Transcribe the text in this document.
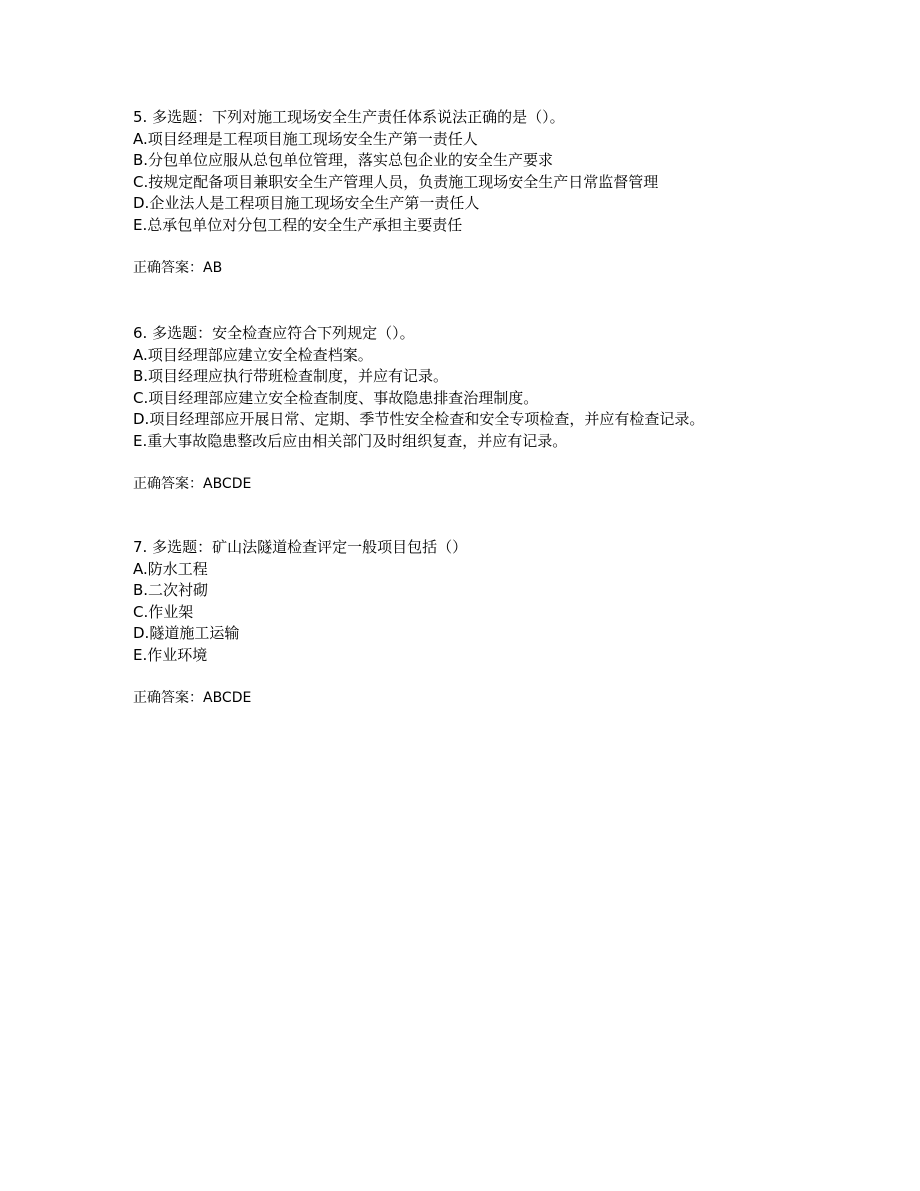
5. 多选题：下列对施工现场安全生产责任体系说法正确的是（）。
A.项目经理是工程项目施工现场安全生产第一责任人
B.分包单位应服从总包单位管理，落实总包企业的安全生产要求
C.按规定配备项目兼职安全生产管理人员，负责施工现场安全生产日常监督管理
D.企业法人是工程项目施工现场安全生产第一责任人
E.总承包单位对分包工程的安全生产承担主要责任
正确答案：AB
6. 多选题：安全检查应符合下列规定（）。
A.项目经理部应建立安全检查档案。
B.项目经理应执行带班检查制度，并应有记录。
C.项目经理部应建立安全检查制度、事故隐患排查治理制度。
D.项目经理部应开展日常、定期、季节性安全检查和安全专项检查，并应有检查记录。
E.重大事故隐患整改后应由相关部门及时组织复查，并应有记录。
正确答案：ABCDE
7. 多选题：矿山法隧道检查评定一般项目包括（）
A.防水工程
B.二次衬砌
C.作业架
D.隧道施工运输
E.作业环境
正确答案：ABCDE
